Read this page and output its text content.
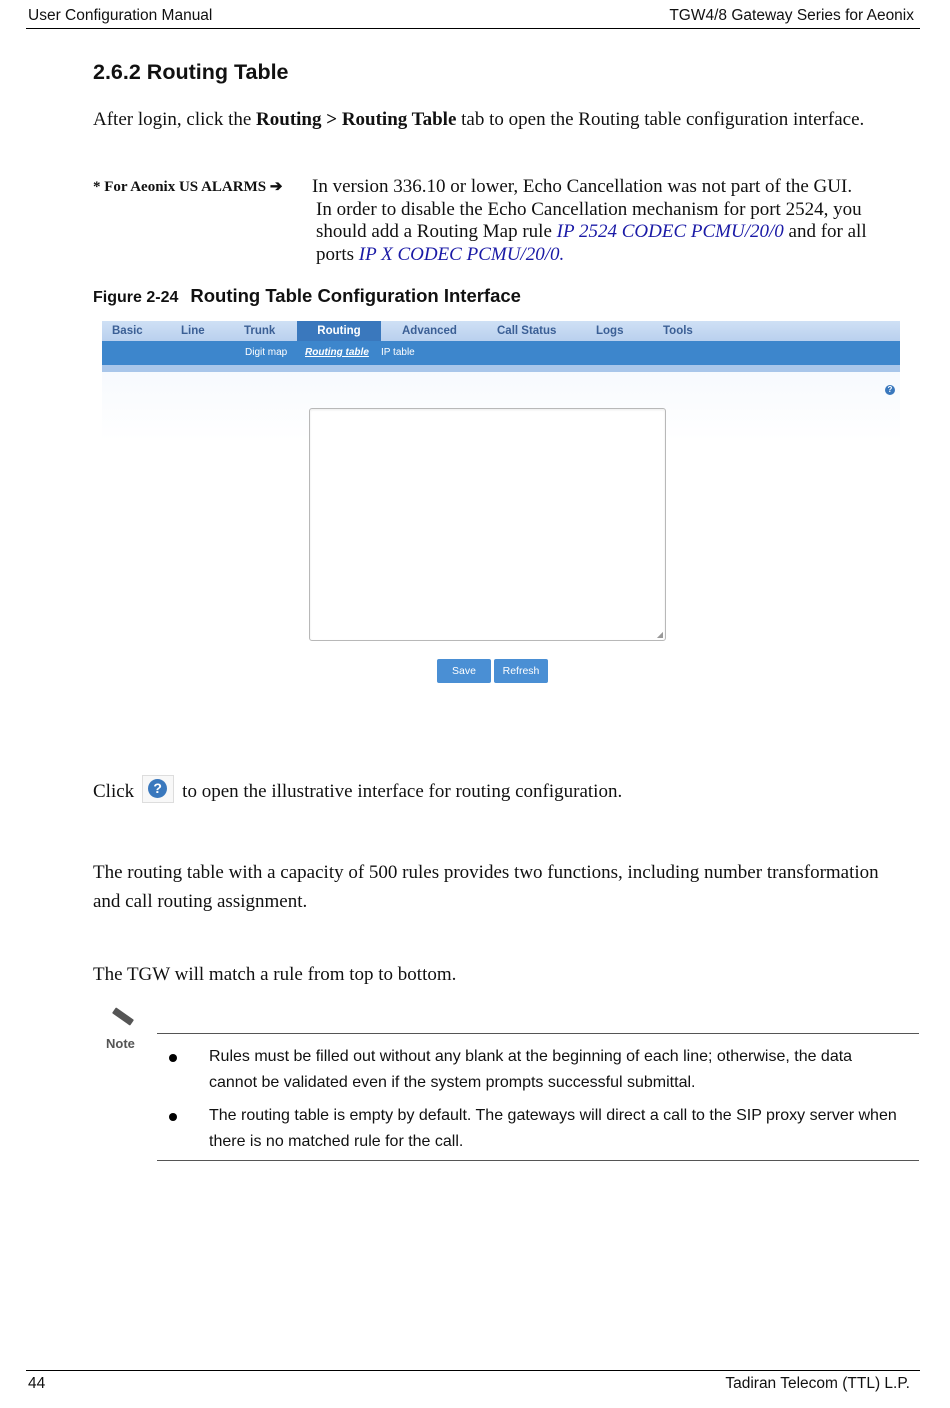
User Configuration Manual	TGW4/8 Gateway Series for Aeonix
2.6.2 Routing Table
After login, click the Routing > Routing Table tab to open the Routing table configuration interface.
* For Aeonix US ALARMS ➔ In version 336.10 or lower, Echo Cancellation was not part of the GUI.
In order to disable the Echo Cancellation mechanism for port 2524, you
should add a Routing Map rule IP 2524 CODEC PCMU/20/0 and for all
ports IP X CODEC PCMU/20/0.
Figure 2-24 Routing Table Configuration Interface
Basic	Line	Trunk	Routing	Advanced	Call Status	Logs	Tools
Digit map Routing table IP table
?
◢
Save	Refresh
Click	? to open the illustrative interface for routing configuration.
The routing table with a capacity of 500 rules provides two functions, including number transformation and call routing assignment.
The TGW will match a rule from top to bottom.
Note
Rules must be filled out without any blank at the beginning of each line; otherwise, the data cannot be validated even if the system prompts successful submittal.
The routing table is empty by default. The gateways will direct a call to the SIP proxy server when there is no matched rule for the call.
44	Tadiran Telecom (TTL) L.P.
